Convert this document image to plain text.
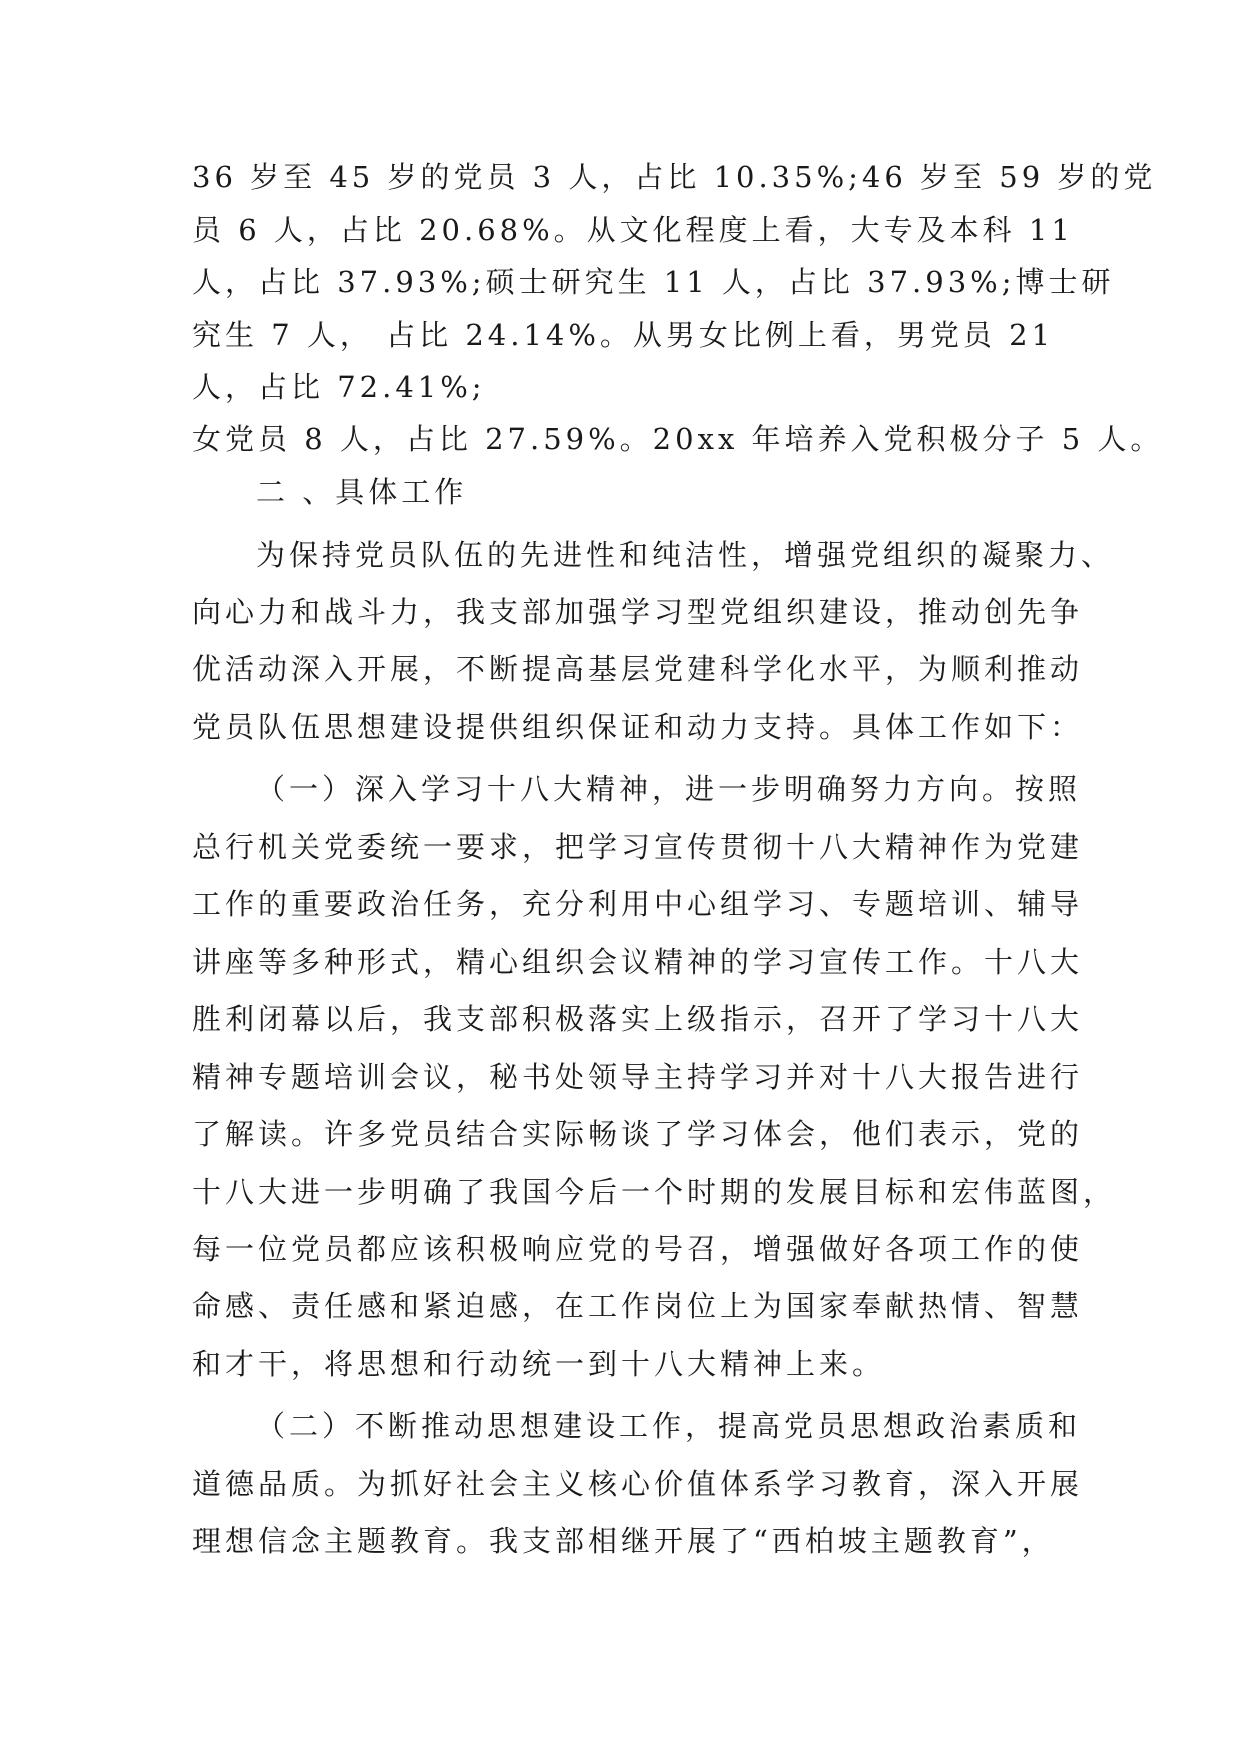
36 岁至 45 岁的党员 3 人，占比 10.35%;46 岁至 59 岁的党
员 6 人，占比 20.68%。从文化程度上看，大专及本科 11
人，占比 37.93%;硕士研究生 11 人，占比 37.93%;博士研
究生 7 人， 占比 24.14%。从男女比例上看，男党员 21
人，占比 72.41%;
女党员 8 人，占比 27.59%。20xx 年培养入党积极分子 5 人。
二 、具体工作
为保持党员队伍的先进性和纯洁性，增强党组织的凝聚力、
向心力和战斗力，我支部加强学习型党组织建设，推动创先争
优活动深入开展，不断提高基层党建科学化水平，为顺利推动
党员队伍思想建设提供组织保证和动力支持。具体工作如下：
（一）深入学习十八大精神，进一步明确努力方向。按照
总行机关党委统一要求，把学习宣传贯彻十八大精神作为党建
工作的重要政治任务，充分利用中心组学习、专题培训、辅导
讲座等多种形式，精心组织会议精神的学习宣传工作。十八大
胜利闭幕以后，我支部积极落实上级指示，召开了学习十八大
精神专题培训会议，秘书处领导主持学习并对十八大报告进行
了解读。许多党员结合实际畅谈了学习体会，他们表示，党的
十八大进一步明确了我国今后一个时期的发展目标和宏伟蓝图，
每一位党员都应该积极响应党的号召，增强做好各项工作的使
命感、责任感和紧迫感，在工作岗位上为国家奉献热情、智慧
和才干，将思想和行动统一到十八大精神上来。
（二）不断推动思想建设工作，提高党员思想政治素质和
道德品质。为抓好社会主义核心价值体系学习教育，深入开展
理想信念主题教育。我支部相继开展了“西柏坡主题教育”，
